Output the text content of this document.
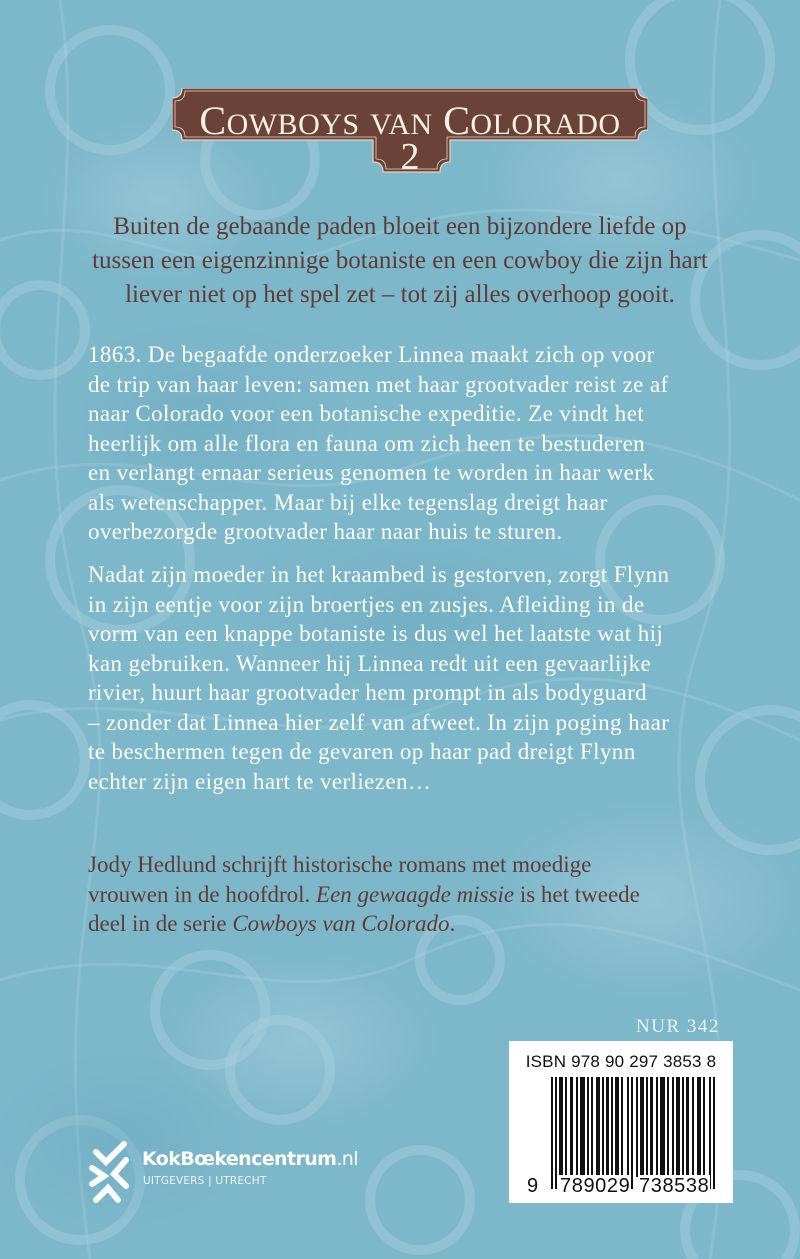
COWBOYS VAN COLORADO
2
Buiten de gebaande paden bloeit een bijzondere liefde op
tussen een eigenzinnige botaniste en een cowboy die zijn hart
liever niet op het spel zet – tot zij alles overhoop gooit.
1863. De begaafde onderzoeker Linnea maakt zich op voor
de trip van haar leven: samen met haar grootvader reist ze af
naar Colorado voor een botanische expeditie. Ze vindt het
heerlijk om alle flora en fauna om zich heen te bestuderen
en verlangt ernaar serieus genomen te worden in haar werk
als wetenschapper. Maar bij elke tegenslag dreigt haar
overbezorgde grootvader haar naar huis te sturen.
Nadat zijn moeder in het kraambed is gestorven, zorgt Flynn
in zijn eentje voor zijn broertjes en zusjes. Afleiding in de
vorm van een knappe botaniste is dus wel het laatste wat hij
kan gebruiken. Wanneer hij Linnea redt uit een gevaarlijke
rivier, huurt haar grootvader hem prompt in als bodyguard
– zonder dat Linnea hier zelf van afweet. In zijn poging haar
te beschermen tegen de gevaren op haar pad dreigt Flynn
echter zijn eigen hart te verliezen…
Jody Hedlund schrijft historische romans met moedige
vrouwen in de hoofdrol. Een gewaagde missie is het tweede
deel in de serie Cowboys van Colorado.
NUR 342
ISBN 978 90 297 3853 8
9 789029 738538
KokBœkencentrum.nl
UITGEVERS | UTRECHT
